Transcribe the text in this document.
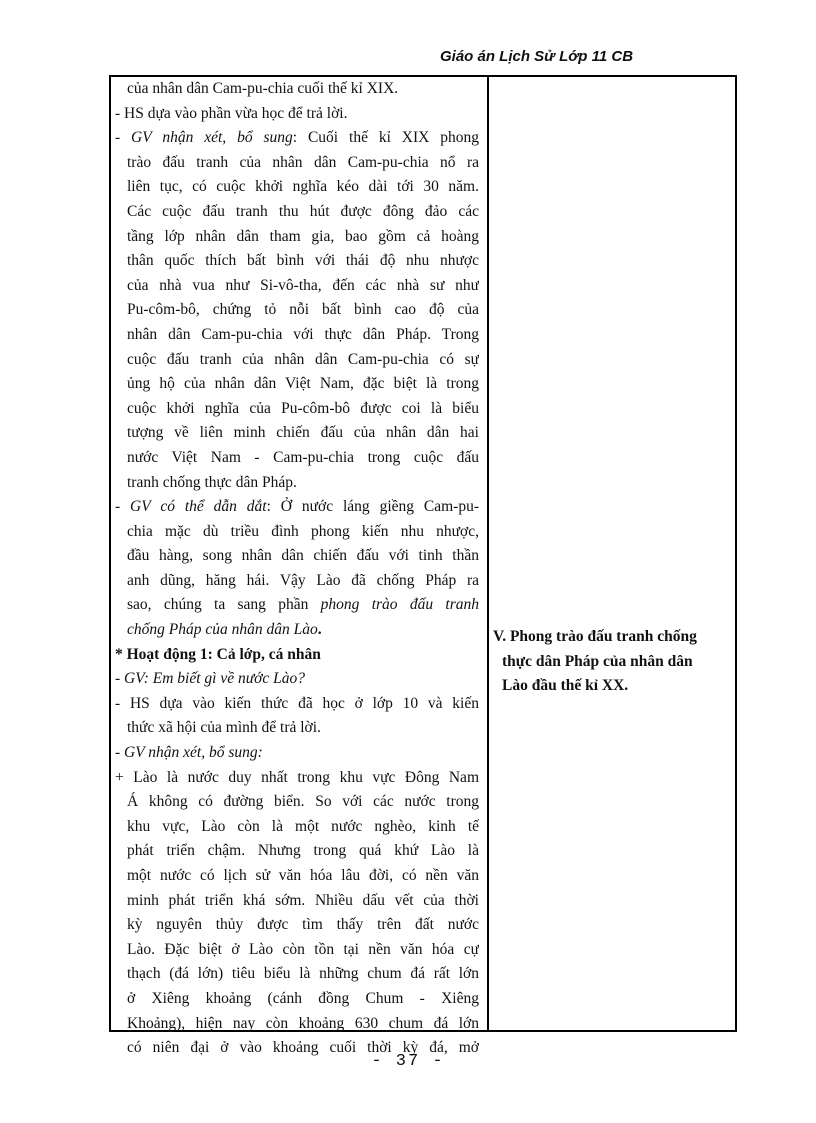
Giáo án Lịch Sử Lớp 11 CB
của nhân dân Cam-pu-chia cuối thế kỉ XIX.
- HS dựa vào phần vừa học để trả lời.
- GV nhận xét, bổ sung: Cuối thế kỉ XIX phong
trào đấu tranh của nhân dân Cam-pu-chia nổ ra
liên tục, có cuộc khởi nghĩa kéo dài tới 30 năm.
Các cuộc đấu tranh thu hút được đông đảo các
tầng lớp nhân dân tham gia, bao gồm cả hoàng
thân quốc thích bất bình với thái độ nhu nhược
của nhà vua như Si-vô-tha, đến các nhà sư như
Pu-côm-bô, chứng tỏ nỗi bất bình cao độ của
nhân dân Cam-pu-chia với thực dân Pháp. Trong
cuộc đấu tranh của nhân dân Cam-pu-chia có sự
ủng hộ của nhân dân Việt Nam, đặc biệt là trong
cuộc khởi nghĩa của Pu-côm-bô được coi là biểu
tượng về liên minh chiến đấu của nhân dân hai
nước Việt Nam - Cam-pu-chia trong cuộc đấu
tranh chống thực dân Pháp.
- GV có thể dẫn dắt: Ở nước láng giềng Cam-pu-
chia mặc dù triều đình phong kiến nhu nhược,
đầu hàng, song nhân dân chiến đấu với tinh thần
anh dũng, hăng hái. Vậy Lào đã chống Pháp ra
sao, chúng ta sang phần phong trào đấu tranh
chống Pháp của nhân dân Lào.
* Hoạt động 1: Cả lớp, cá nhân
- GV: Em biết gì về nước Lào?
- HS dựa vào kiến thức đã học ở lớp 10 và kiến
thức xã hội của mình để trả lời.
- GV nhận xét, bổ sung:
+ Lào là nước duy nhất trong khu vực Đông Nam
Á không có đường biển. So với các nước trong
khu vực, Lào còn là một nước nghèo, kinh tế
phát triển chậm. Nhưng trong quá khứ Lào là
một nước có lịch sử văn hóa lâu đời, có nền văn
minh phát triển khá sớm. Nhiều dấu vết của thời
kỳ nguyên thủy được tìm thấy trên đất nước
Lào. Đặc biệt ở Lào còn tồn tại nền văn hóa cự
thạch (đá lớn) tiêu biểu là những chum đá rất lớn
ở Xiêng khoảng (cánh đồng Chum - Xiêng
Khoảng), hiện nay còn khoảng 630 chum đá lớn
có niên đại ở vào khoảng cuối thời kỳ đá, mở
V. Phong trào đấu tranh chống
thực dân Pháp của nhân dân
Lào đầu thế kỉ XX.
- 37 -
